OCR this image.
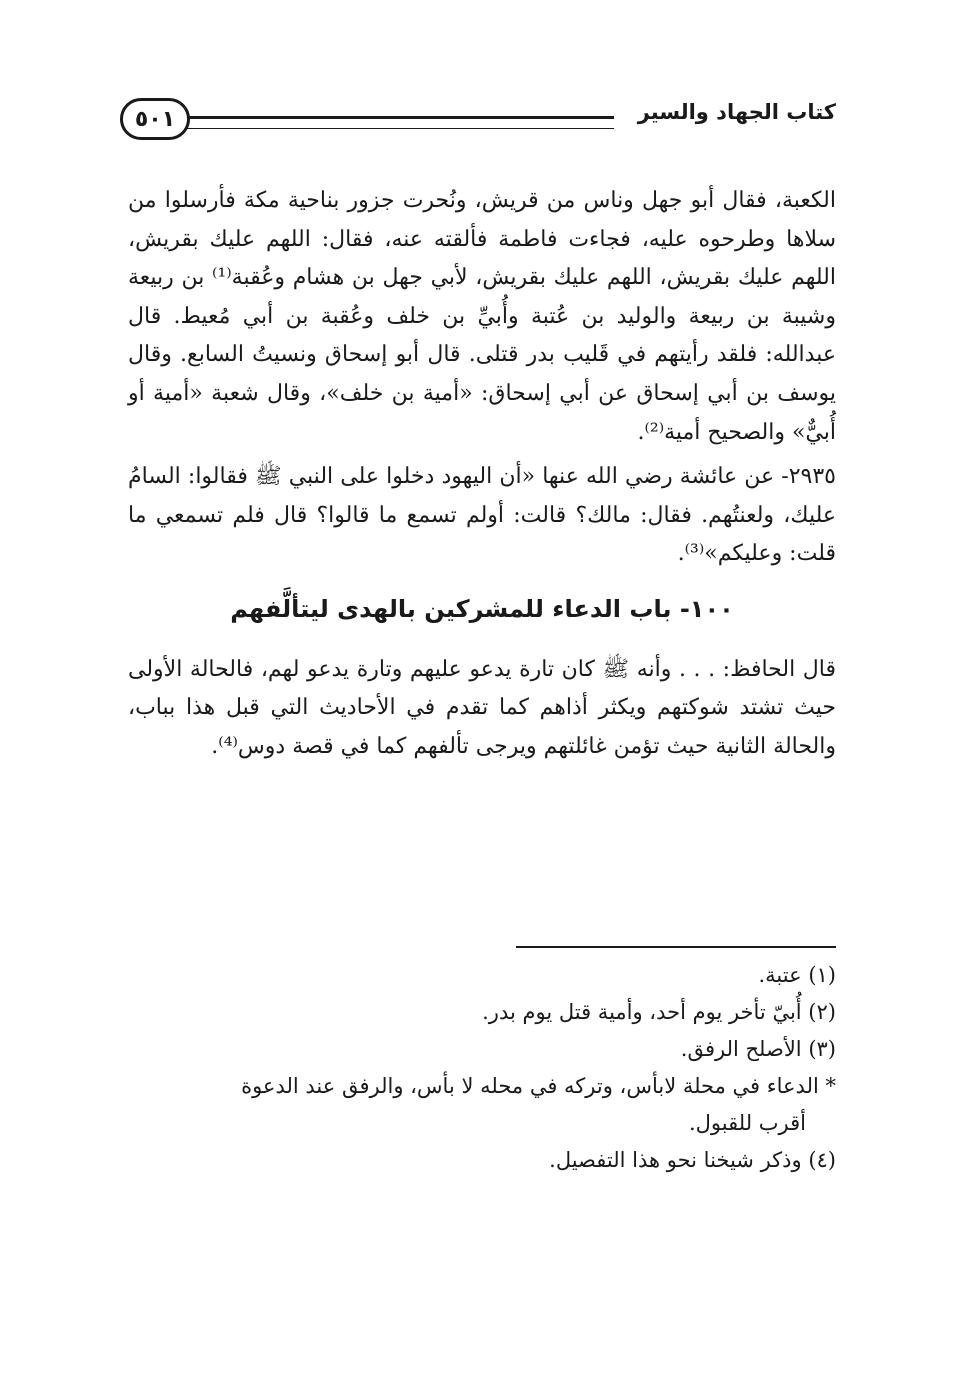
كتاب الجهاد والسير
٥٠١

الكعبة، فقال أبو جهل وناس من قريش، ونُحرت جزور بناحية مكة فأرسلوا من سلاها وطرحوه عليه، فجاءت فاطمة فألقته عنه، فقال: اللهم عليك بقريش، اللهم عليك بقريش، اللهم عليك بقريش، لأبي جهل بن هشام وعُقبة⁽¹⁾ بن ربيعة وشيبة بن ربيعة والوليد بن عُتبة وأُبيِّ بن خلف وعُقبة بن أبي مُعيط. قال عبدالله: فلقد رأيتهم في قَليب بدر قتلى. قال أبو إسحاق ونسيتُ السابع. وقال يوسف بن أبي إسحاق عن أبي إسحاق: «أمية بن خلف»، وقال شعبة «أمية أو أُبيٌّ» والصحيح أمية⁽²⁾.

٢٩٣٥- عن عائشة رضي الله عنها «أن اليهود دخلوا على النبي ﷺ فقالوا: السامُ عليك، ولعنتُهم. فقال: مالك؟ قالت: أولم تسمع ما قالوا؟ قال فلم تسمعي ما قلت: وعليكم»⁽³⁾.

١٠٠- باب الدعاء للمشركين بالهدى ليتألَّفهم

قال الحافظ: . . . وأنه ﷺ كان تارة يدعو عليهم وتارة يدعو لهم، فالحالة الأولى حيث تشتد شوكتهم ويكثر أذاهم كما تقدم في الأحاديث التي قبل هذا بباب، والحالة الثانية حيث تؤمن غائلتهم ويرجى تألفهم كما في قصة دوس⁽⁴⁾.

(١) عتبة.

(٢) أُبيّ تأخر يوم أحد، وأمية قتل يوم بدر.

(٣) الأصلح الرفق.

* الدعاء في محلة لابأس، وتركه في محله لا بأس، والرفق عند الدعوة

أقرب للقبول.

(٤) وذكر شيخنا نحو هذا التفصيل.
